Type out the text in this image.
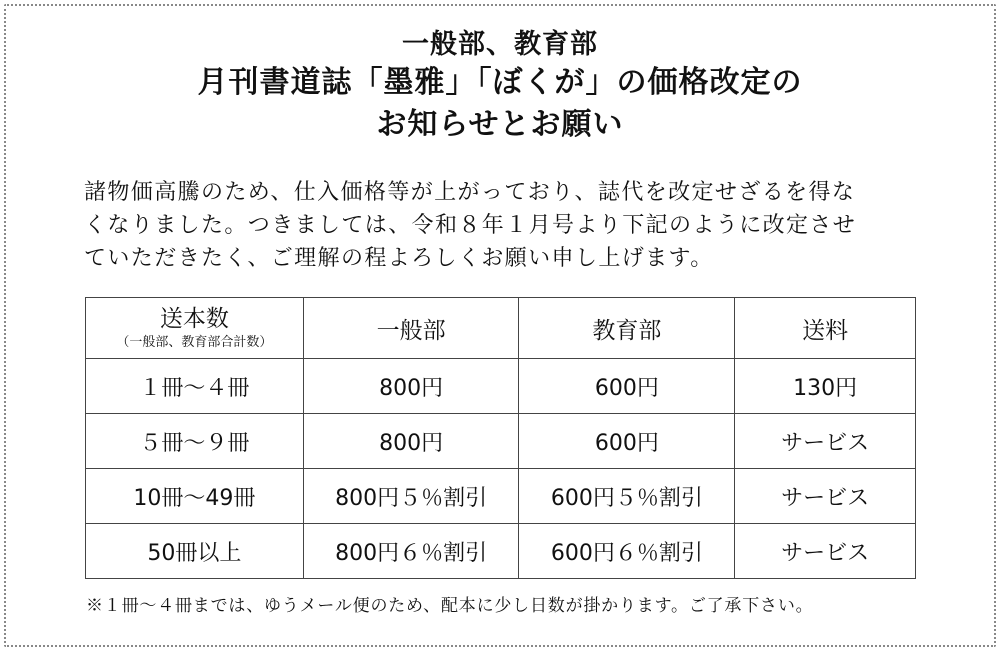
一般部、教育部
月刊書道誌「墨雅」「ぼくが」の価格改定の
お知らせとお願い

諸物価高騰のため、仕入価格等が上がっており、誌代を改定せざるを得な

くなりました。つきましては、令和８年１月号より下記のように改定させ

ていただきたく、ご理解の程よろしくお願い申し上げます。

送本数
（一般部、教育部合計数）	一般部	教育部	送料
１冊〜４冊	800円	600円	130円
５冊〜９冊	800円	600円	サービス
10冊〜49冊	800円５％割引	600円５％割引	サービス
50冊以上	800円６％割引	600円６％割引	サービス
※１冊〜４冊までは、ゆうメール便のため、配本に少し日数が掛かります。ご了承下さい。
